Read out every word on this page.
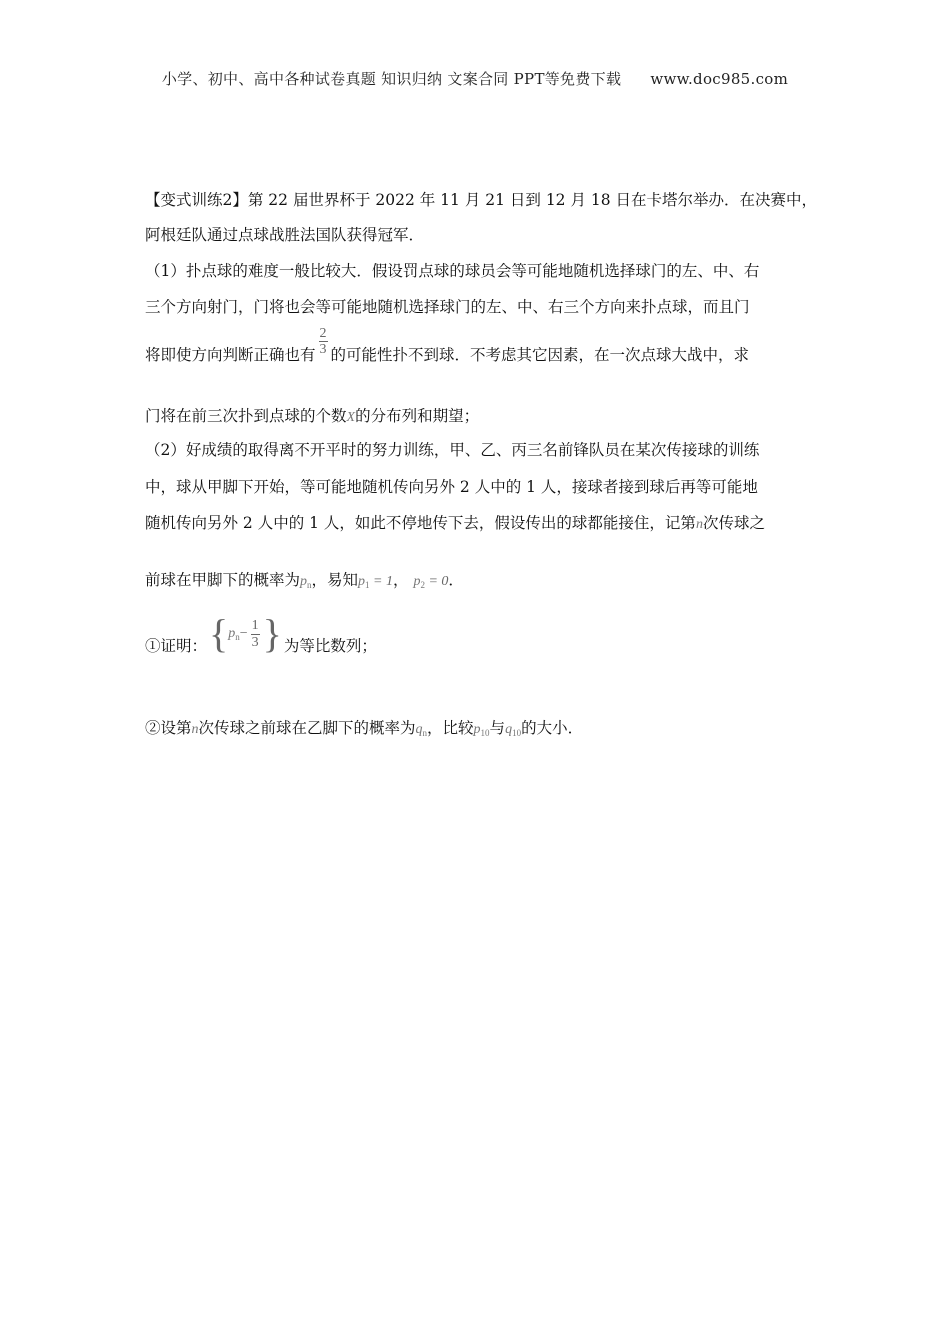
小学、初中、高中各种试卷真题 知识归纳 文案合同 PPT等免费下载 www.doc985.com
【变式训练2】第 22 届世界杯于 2022 年 11 月 21 日到 12 月 18 日在卡塔尔举办．在决赛中，
阿根廷队通过点球战胜法国队获得冠军．
（1）扑点球的难度一般比较大．假设罚点球的球员会等可能地随机选择球门的左、中、右
三个方向射门，门将也会等可能地随机选择球门的左、中、右三个方向来扑点球，而且门
将即使方向判断正确也有 $\frac{2}{3}$ 的可能性扑不到球．不考虑其它因素，在一次点球大战中，求
门将在前三次扑到点球的个数X的分布列和期望；
（2）好成绩的取得离不开平时的努力训练，甲、乙、丙三名前锋队员在某次传接球的训练
中，球从甲脚下开始，等可能地随机传向另外 2 人中的 1 人，接球者接到球后再等可能地
随机传向另外 2 人中的 1 人，如此不停地传下去，假设传出的球都能接住，记第n次传球之
前球在甲脚下的概率为$p_n$，易知$p_1 = 1$， $p_2 = 0$．
①证明： { $p_n - \frac{1}{3}$ } 为等比数列；
②设第n次传球之前球在乙脚下的概率为$q_n$，比较$p_{10}$与$q_{10}$的大小．
